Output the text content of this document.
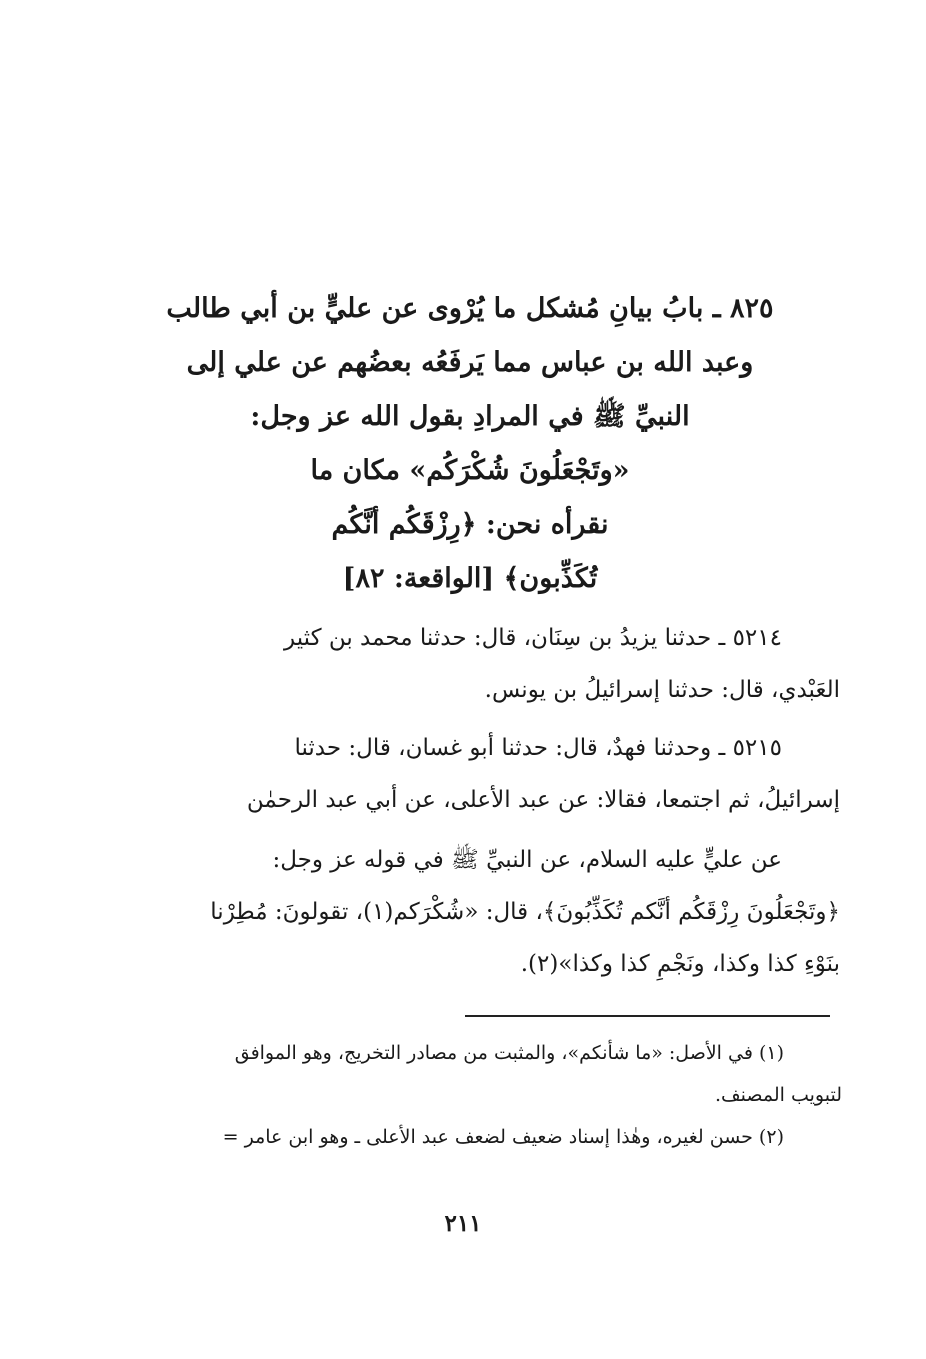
٨٢٥ ـ بابُ بيانِ مُشكل ما يُرْوى عن عليٍّ بن أبي طالب
وعبد الله بن عباس مما يَرفَعُه بعضُهم عن علي إلى
النبيِّ ﷺ في المرادِ بقول الله عز وجل:
«وتَجْعَلُونَ شُكْرَكُم» مكان ما
نقرأه نحن: ﴿رِزْقَكُم أنَّكُم
تُكَذِّبون﴾ [الواقعة: ٨٢]
٥٢١٤ ـ حدثنا يزيدُ بن سِنَان، قال: حدثنا محمد بن كثير
العَبْدي، قال: حدثنا إسرائيلُ بن يونس.
٥٢١٥ ـ وحدثنا فهدٌ، قال: حدثنا أبو غسان، قال: حدثنا
إسرائيلُ، ثم اجتمعا، فقالا: عن عبد الأعلى، عن أبي عبد الرحمٰن
عن عليٍّ عليه السلام، عن النبيِّ ﷺ في قوله عز وجل:
﴿وتَجْعَلُونَ رِزْقَكُم أنَّكم تُكَذِّبُونَ﴾، قال: «شُكْرَكم(١)، تقولونَ: مُطِرْنا
بنَوْءِ كذا وكذا، ونَجْمِ كذا وكذا»(٢).
(١) في الأصل: «ما شأنكم»، والمثبت من مصادر التخريج، وهو الموافق
لتبويب المصنف.
(٢) حسن لغيره، وهٰذا إسناد ضعيف لضعف عبد الأعلى ـ وهو ابن عامر =
٢١١
